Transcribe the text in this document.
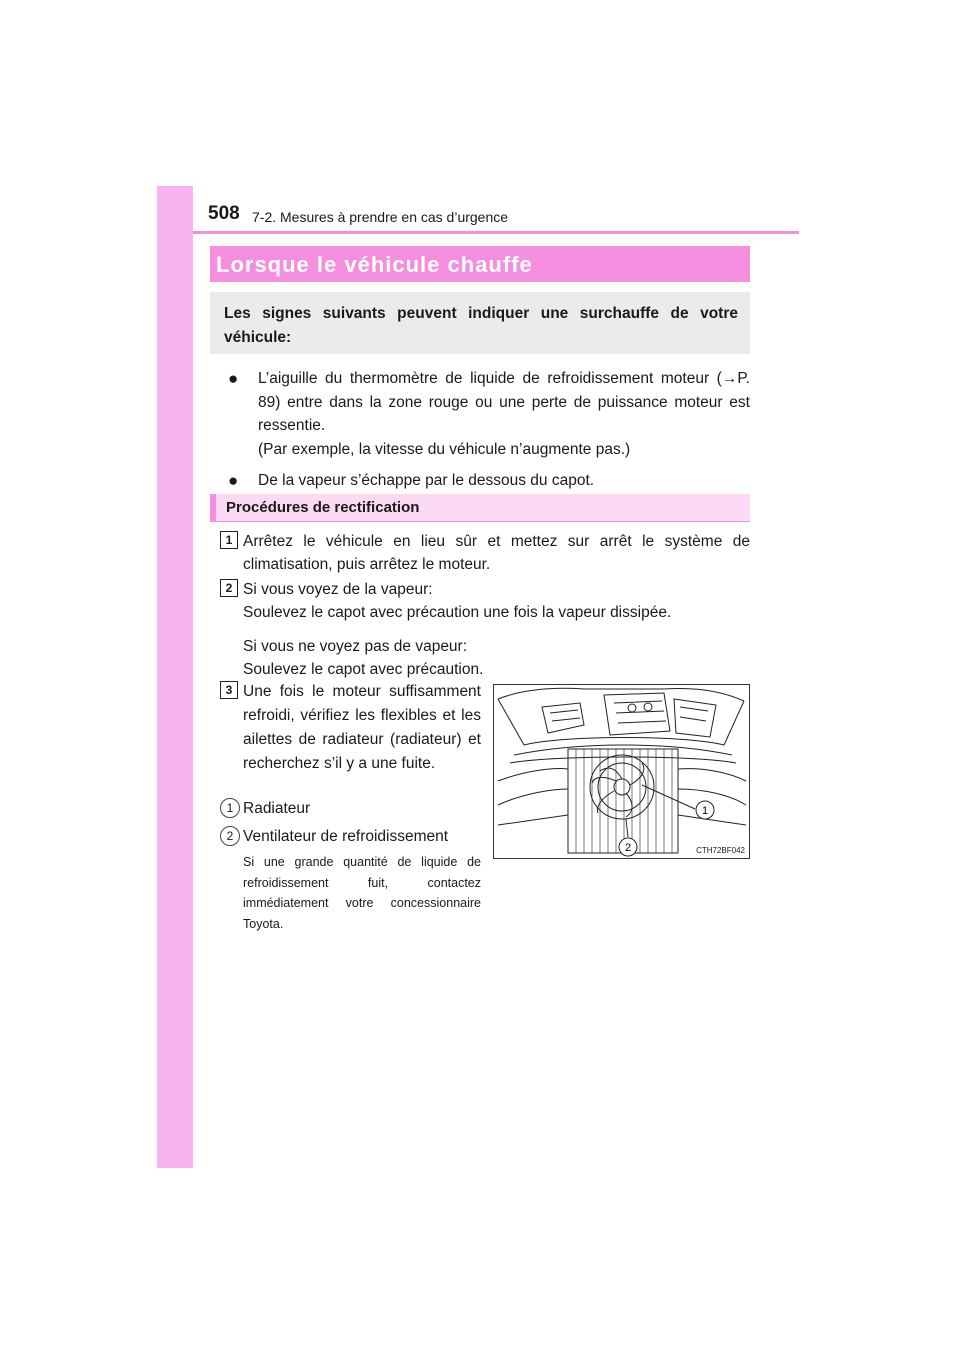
508 7-2. Mesures à prendre en cas d’urgence
Lorsque le véhicule chauffe
Les signes suivants peuvent indiquer une surchauffe de votre véhicule:
● L’aiguille du thermomètre de liquide de refroidissement moteur (→P. 89) entre dans la zone rouge ou une perte de puissance moteur est ressentie.
(Par exemple, la vitesse du véhicule n’augmente pas.)
● De la vapeur s’échappe par le dessous du capot.
Procédures de rectification
1 Arrêtez le véhicule en lieu sûr et mettez sur arrêt le système de climatisation, puis arrêtez le moteur.
2 Si vous voyez de la vapeur:
Soulevez le capot avec précaution une fois la vapeur dissipée.
Si vous ne voyez pas de vapeur:
Soulevez le capot avec précaution.
3 Une fois le moteur suffisamment refroidi, vérifiez les flexibles et les ailettes de radiateur (radiateur) et recherchez s’il y a une fuite.
1 Radiateur
2 Ventilateur de refroidissement
Si une grande quantité de liquide de refroidissement fuit, contactez immédiatement votre concessionnaire Toyota.
1
2	CTH72BF042
